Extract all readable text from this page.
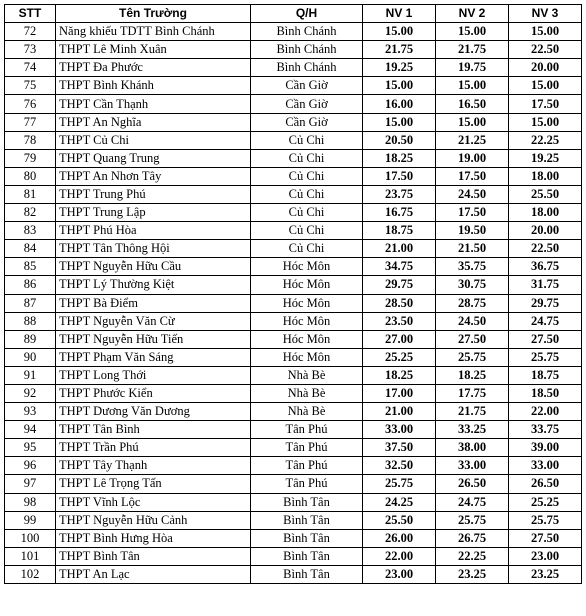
STT	Tên Trường	Q/H	NV 1	NV 2	NV 3
72	Năng khiếu TDTT Bình Chánh	Bình Chánh	15.00	15.00	15.00
73	THPT Lê Minh Xuân	Bình Chánh	21.75	21.75	22.50
74	THPT Đa Phước	Bình Chánh	19.25	19.75	20.00
75	THPT Bình Khánh	Cần Giờ	15.00	15.00	15.00
76	THPT Cần Thạnh	Cần Giờ	16.00	16.50	17.50
77	THPT An Nghĩa	Cần Giờ	15.00	15.00	15.00
78	THPT Củ Chi	Củ Chi	20.50	21.25	22.25
79	THPT Quang Trung	Củ Chi	18.25	19.00	19.25
80	THPT An Nhơn Tây	Củ Chi	17.50	17.50	18.00
81	THPT Trung Phú	Củ Chi	23.75	24.50	25.50
82	THPT Trung Lập	Củ Chi	16.75	17.50	18.00
83	THPT Phú Hòa	Củ Chi	18.75	19.50	20.00
84	THPT Tân Thông Hội	Củ Chi	21.00	21.50	22.50
85	THPT Nguyễn Hữu Cầu	Hóc Môn	34.75	35.75	36.75
86	THPT Lý Thường Kiệt	Hóc Môn	29.75	30.75	31.75
87	THPT Bà Điểm	Hóc Môn	28.50	28.75	29.75
88	THPT Nguyễn Văn Cừ	Hóc Môn	23.50	24.50	24.75
89	THPT Nguyễn Hữu Tiến	Hóc Môn	27.00	27.50	27.50
90	THPT Phạm Văn Sáng	Hóc Môn	25.25	25.75	25.75
91	THPT Long Thới	Nhà Bè	18.25	18.25	18.75
92	THPT Phước Kiển	Nhà Bè	17.00	17.75	18.50
93	THPT Dương Văn Dương	Nhà Bè	21.00	21.75	22.00
94	THPT Tân Bình	Tân Phú	33.00	33.25	33.75
95	THPT Trần Phú	Tân Phú	37.50	38.00	39.00
96	THPT Tây Thạnh	Tân Phú	32.50	33.00	33.00
97	THPT Lê Trọng Tấn	Tân Phú	25.75	26.50	26.50
98	THPT Vĩnh Lộc	Bình Tân	24.25	24.75	25.25
99	THPT Nguyễn Hữu Cảnh	Bình Tân	25.50	25.75	25.75
100	THPT Bình Hưng Hòa	Bình Tân	26.00	26.75	27.50
101	THPT Bình Tân	Bình Tân	22.00	22.25	23.00
102	THPT An Lạc	Bình Tân	23.00	23.25	23.25
